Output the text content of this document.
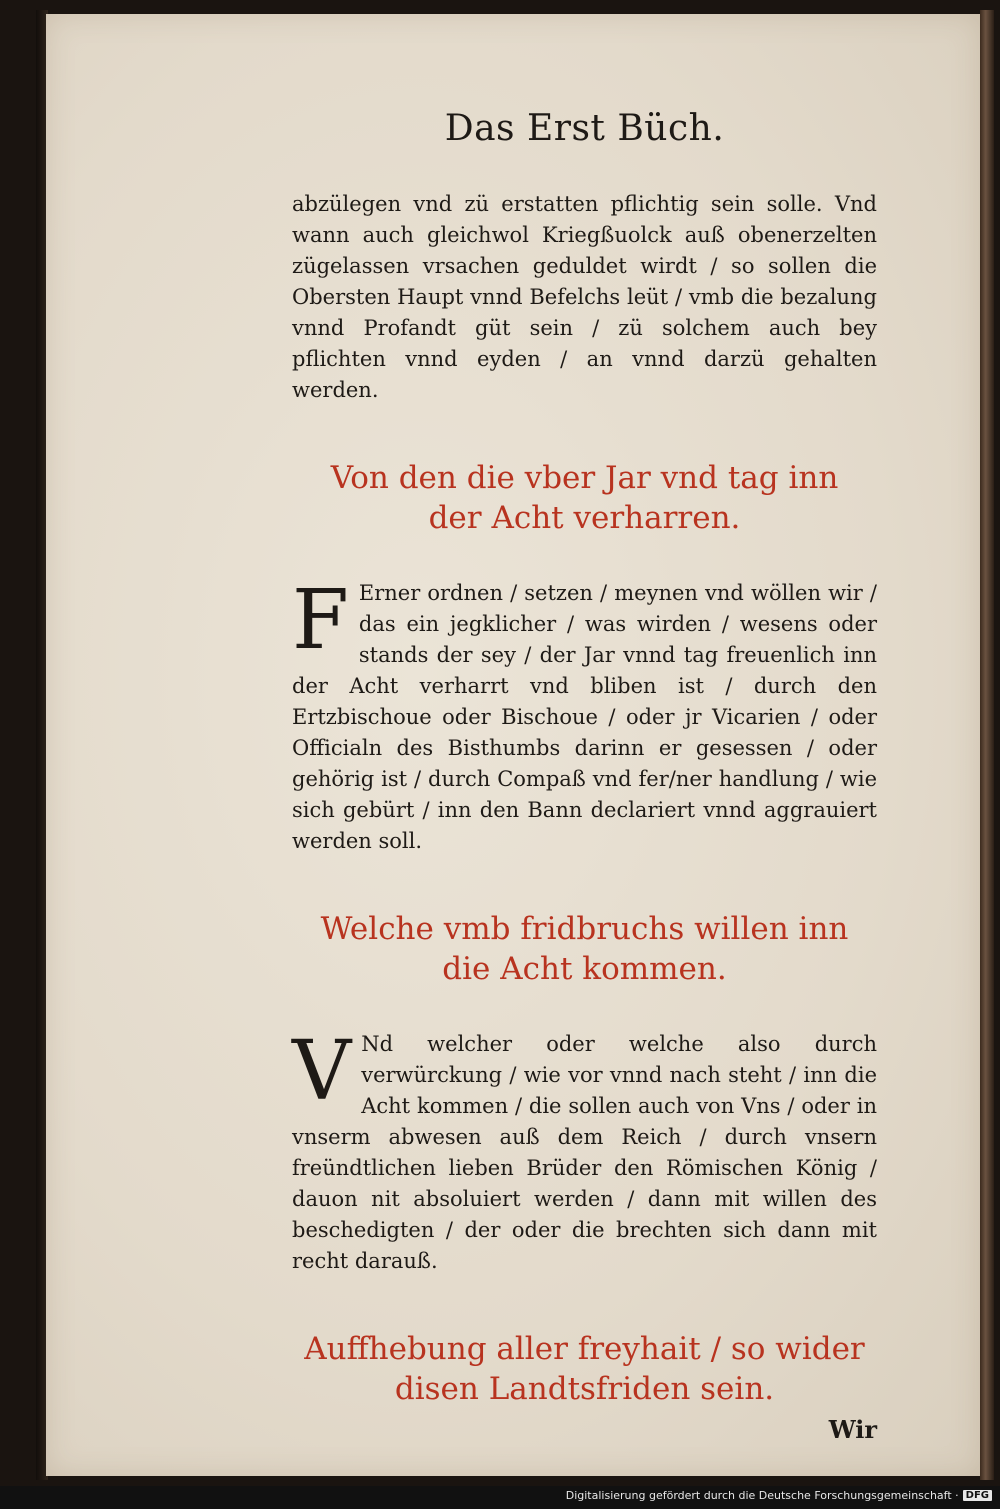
Das Erst Büch.

abzülegen vnd zü erstatten pflichtig sein solle. Vnd wann auch gleichwol Kriegßuolck auß obenerzelten zügelassen vrsachen geduldet wirdt / so sollen die Obersten Haupt vnnd Befelchs leüt / vmb die bezalung vnnd Profandt güt sein / zü solchem auch bey pflichten vnnd eyden / an vnnd darzü gehalten werden.

Von den die vber Jar vnd tag inn der Acht verharren.

F Erner ordnen / setzen / meynen vnd wöllen wir / das ein jegklicher / was wirden / wesens oder stands der sey / der Jar vnnd tag freuenlich inn der Acht verharrt vnd bliben ist / durch den Ertzbischoue oder Bischoue / oder jr Vicarien / oder Officialn des Bisthumbs darinn er gesessen / oder gehörig ist / durch Compaß vnd fer/ner handlung / wie sich gebürt / inn den Bann declariert vnnd aggrauiert werden soll.

Welche vmb fridbruchs willen inn die Acht kommen.

V Nd welcher oder welche also durch verwürckung / wie vor vnnd nach steht / inn die Acht kommen / die sollen auch von Vns / oder in vnserm abwesen auß dem Reich / durch vnsern freündtlichen lieben Brüder den Römischen König / dauon nit absoluiert werden / dann mit willen des beschedigten / der oder die brechten sich dann mit recht darauß.

Auffhebung aller freyhait / so wider disen Landtsfriden sein.
Wir
Digitalisierung gefördert durch die Deutsche Forschungsgemeinschaft · DFG
